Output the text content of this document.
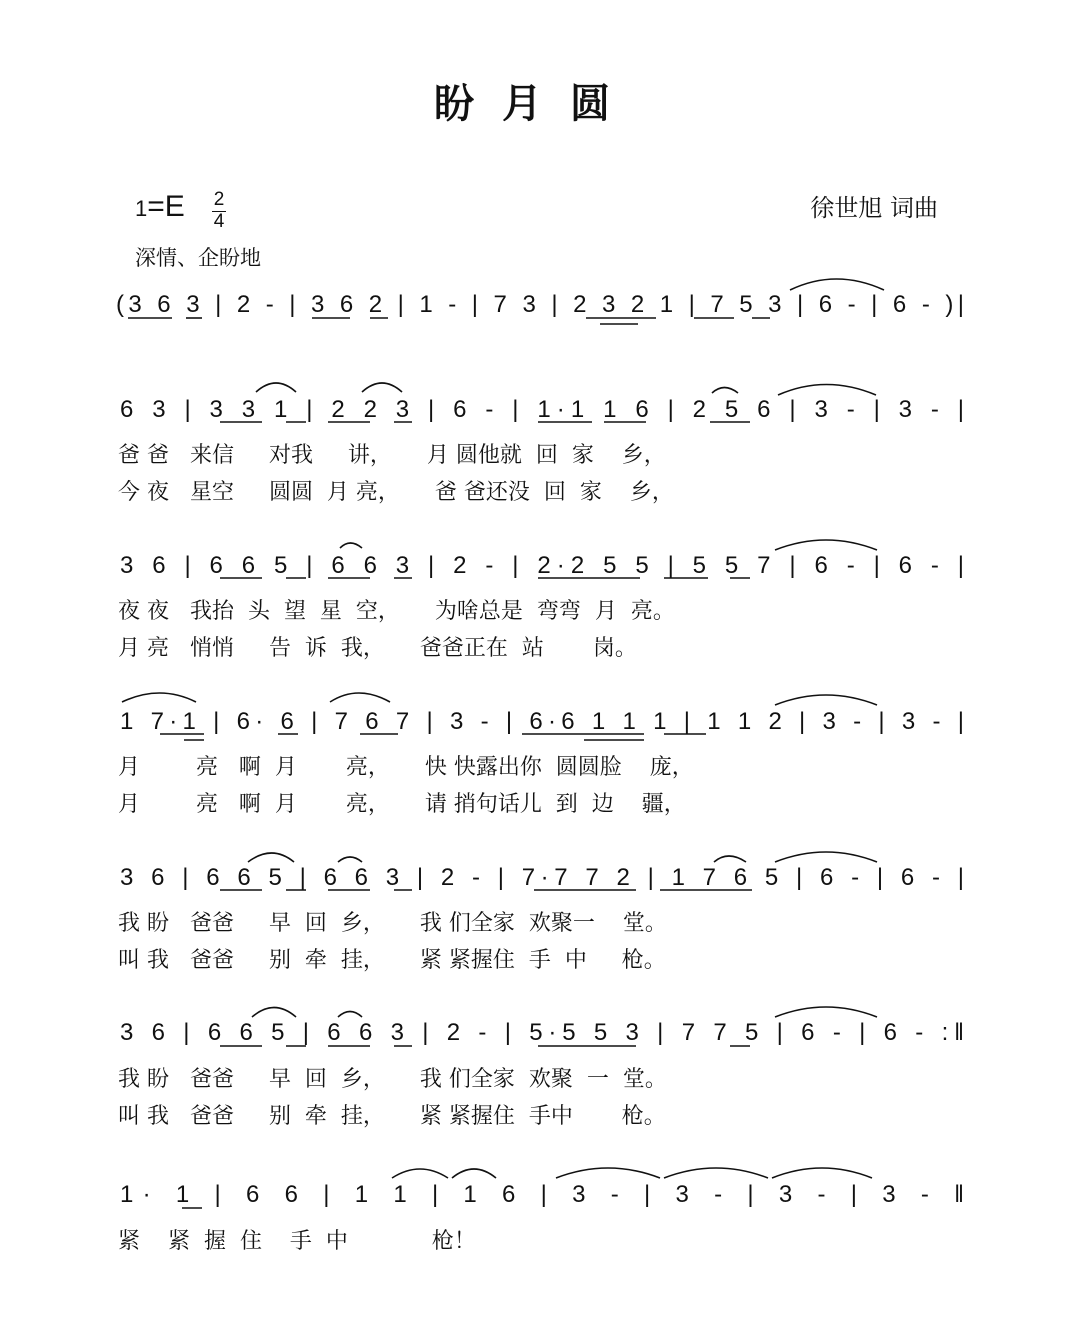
盼月圆
徐世旭 词曲
1=E 2
4
深情、企盼地
(3 6 3 | 2 - | 3 6 2 | 1 - | 7 3 | 2 3 2 1 | 7 5 3 | 6 - | 6 - )|
6 3 | 3 3 1 | 2 2 3 | 6 - | 1·1 1 6 | 2 5 6 | 3 - | 3 - |
3 6 | 6 6 5 | 6 6 3 | 2 - | 2·2 5 5 | 5 5 7 | 6 - | 6 - |
1 7·1 | 6· 6 | 7 6 7 | 3 - | 6·6 1 1 1 | 1 1 2 | 3 - | 3 - |
3 6 | 6 6 5 | 6 6 3 | 2 - | 7·7 7 2 | 1 7 6 5 | 6 - | 6 - |
3 6 | 6 6 5 | 6 6 3 | 2 - | 5·5 5 3 | 7 7 5 | 6 - | 6 - :‖
1· 1 | 6 6 | 1 1 | 1 6 | 3 - | 3 - | 3 - | 3 - ‖
爸 爸   来信     对我     讲，     月 圆他就  回  家    乡，
今 夜   星空     圆圆  月 亮，     爸 爸还没  回  家    乡，
夜 夜   我抬  头  望  星  空，     为啥总是  弯弯  月  亮。
月 亮   悄悄     告  诉  我，     爸爸正在  站       岗。
月        亮   啊  月       亮，     快 快露出你  圆圆脸    庞，
月        亮   啊  月       亮，     请 捎句话儿  到  边    疆，
我 盼   爸爸     早  回  乡，     我 们全家  欢聚一    堂。
叫 我   爸爸     别  牵  挂，     紧 紧握住  手  中     枪。
我 盼   爸爸     早  回  乡，     我 们全家  欢聚  一  堂。
叫 我   爸爸     别  牵  挂，     紧 紧握住  手中       枪。
紧    紧  握  住    手  中            枪！
